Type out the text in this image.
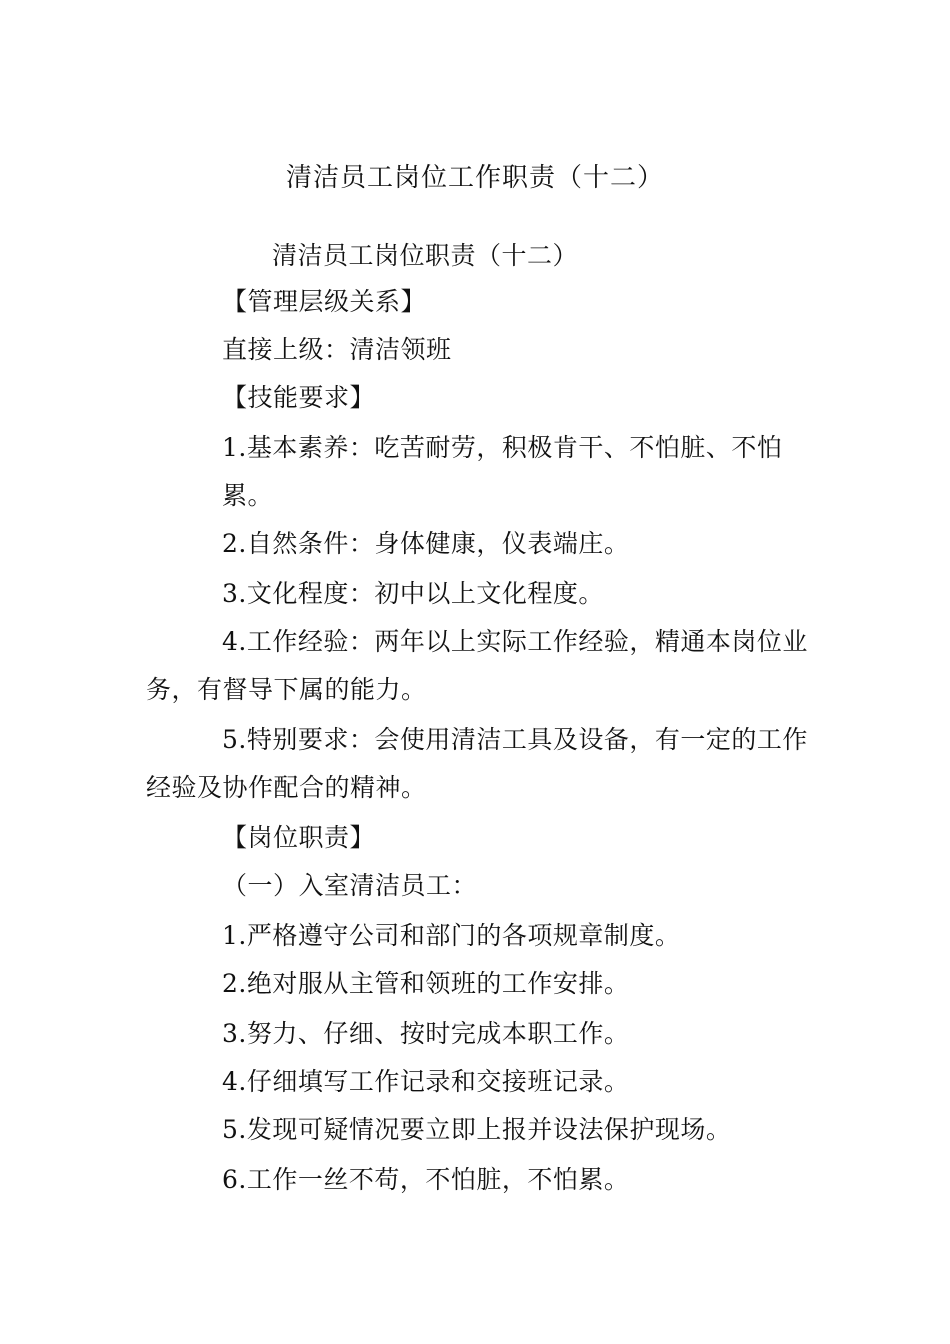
清洁员工岗位工作职责（十二）
清洁员工岗位职责（十二）
【管理层级关系】
直接上级：清洁领班
【技能要求】
1.基本素养：吃苦耐劳，积极肯干、不怕脏、不怕
累。
2.自然条件：身体健康，仪表端庄。
3.文化程度：初中以上文化程度。
4.工作经验：两年以上实际工作经验，精通本岗位业
务，有督导下属的能力。
5.特别要求：会使用清洁工具及设备，有一定的工作
经验及协作配合的精神。
【岗位职责】
（一）入室清洁员工：
1.严格遵守公司和部门的各项规章制度。
2.绝对服从主管和领班的工作安排。
3.努力、仔细、按时完成本职工作。
4.仔细填写工作记录和交接班记录。
5.发现可疑情况要立即上报并设法保护现场。
6.工作一丝不苟，不怕脏，不怕累。
